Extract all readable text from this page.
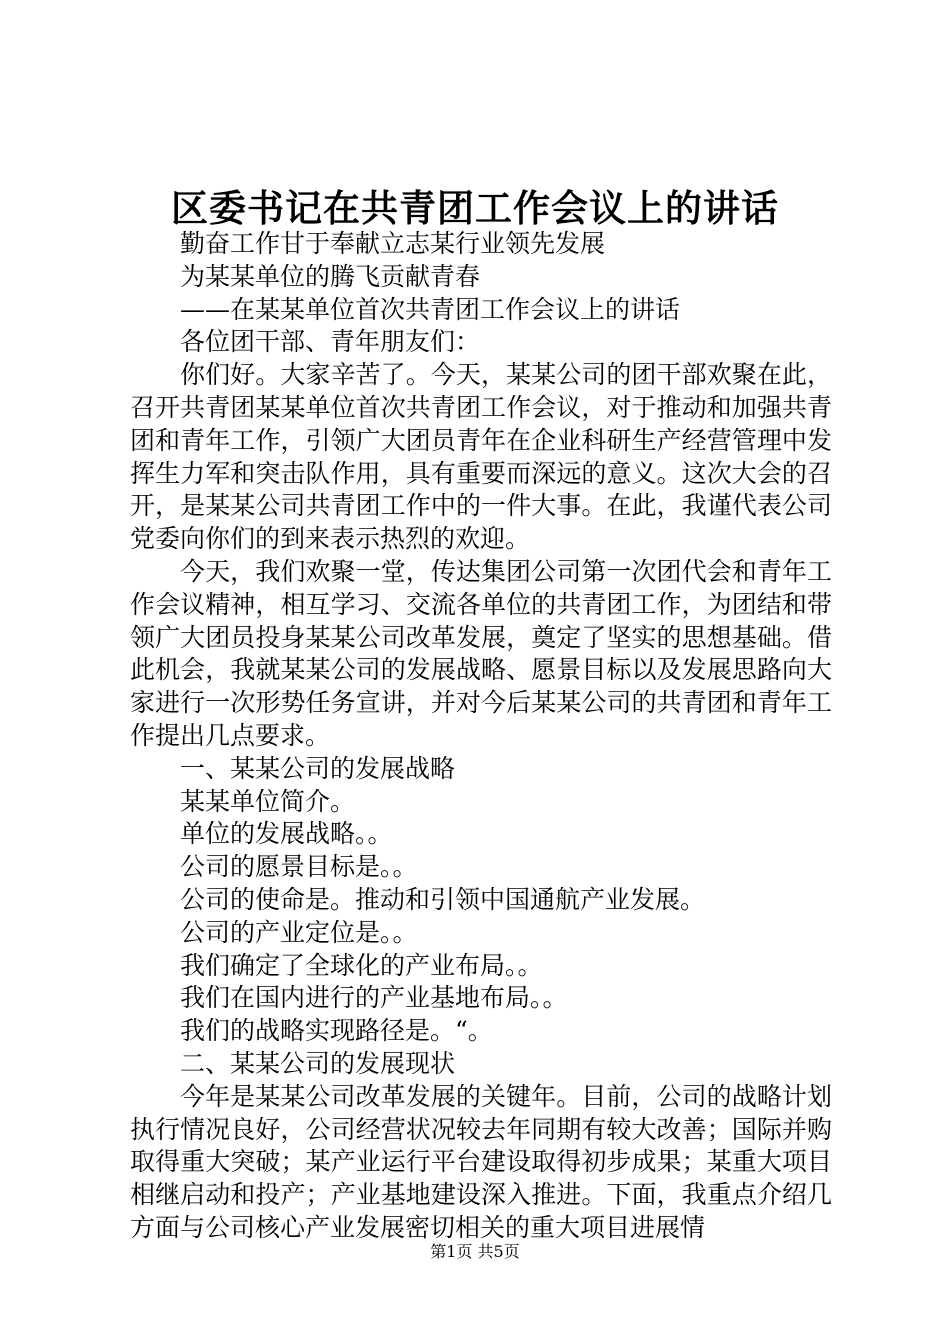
区委书记在共青团工作会议上的讲话

勤奋工作甘于奉献立志某行业领先发展

为某某单位的腾飞贡献青春

——在某某单位首次共青团工作会议上的讲话

各位团干部、青年朋友们：

你们好。大家辛苦了。今天，某某公司的团干部欢聚在此，召开共青团某某单位首次共青团工作会议，对于推动和加强共青团和青年工作，引领广大团员青年在企业科研生产经营管理中发挥生力军和突击队作用，具有重要而深远的意义。这次大会的召开，是某某公司共青团工作中的一件大事。在此，我谨代表公司党委向你们的到来表示热烈的欢迎。

今天，我们欢聚一堂，传达集团公司第一次团代会和青年工作会议精神，相互学习、交流各单位的共青团工作，为团结和带领广大团员投身某某公司改革发展，奠定了坚实的思想基础。借此机会，我就某某公司的发展战略、愿景目标以及发展思路向大家进行一次形势任务宣讲，并对今后某某公司的共青团和青年工作提出几点要求。

一、某某公司的发展战略

某某单位简介。

单位的发展战略。。

公司的愿景目标是。。

公司的使命是。推动和引领中国通航产业发展。

公司的产业定位是。。

我们确定了全球化的产业布局。。

我们在国内进行的产业基地布局。。

我们的战略实现路径是。“。

二、某某公司的发展现状

今年是某某公司改革发展的关键年。目前，公司的战略计划执行情况良好，公司经营状况较去年同期有较大改善；国际并购取得重大突破；某产业运行平台建设取得初步成果；某重大项目相继启动和投产；产业基地建设深入推进。下面，我重点介绍几方面与公司核心产业发展密切相关的重大项目进展情

第1页 共5页
